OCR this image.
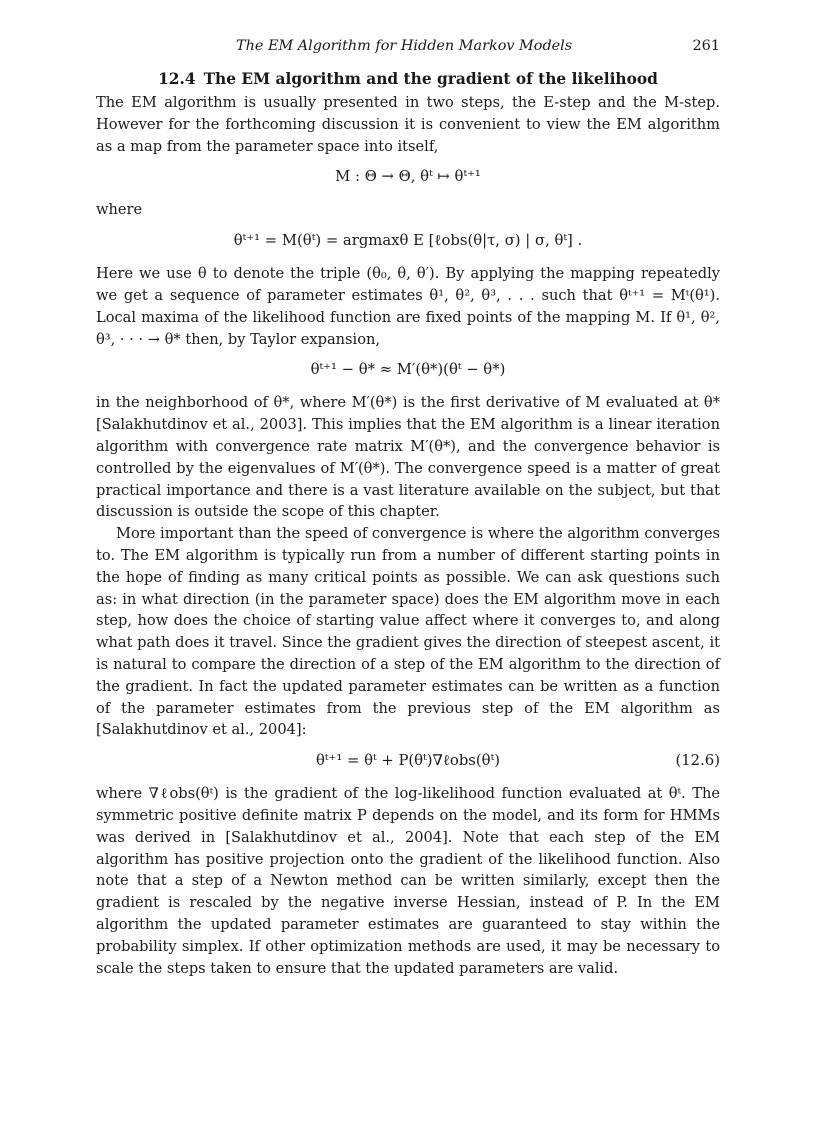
The EM Algorithm for Hidden Markov Models	261
12.4 The EM algorithm and the gradient of the likelihood

The EM algorithm is usually presented in two steps, the E-step and the M-step. However for the forthcoming discussion it is convenient to view the EM algorithm as a map from the parameter space into itself,

M : Θ → Θ, θᵗ ↦ θᵗ⁺¹

where

θᵗ⁺¹ = M(θᵗ) = argmaxθ E [ℓobs(θ|τ, σ) | σ, θᵗ] .

Here we use θ to denote the triple (θ₀, θ, θ′). By applying the mapping repeatedly we get a sequence of parameter estimates θ¹, θ², θ³, . . . such that θᵗ⁺¹ = Mᵗ(θ¹). Local maxima of the likelihood function are fixed points of the mapping M. If θ¹, θ², θ³, · · · → θ* then, by Taylor expansion,

θᵗ⁺¹ − θ* ≈ M′(θ*)(θᵗ − θ*)

in the neighborhood of θ*, where M′(θ*) is the first derivative of M evaluated at θ* [Salakhutdinov et al., 2003]. This implies that the EM algorithm is a linear iteration algorithm with convergence rate matrix M′(θ*), and the convergence behavior is controlled by the eigenvalues of M′(θ*). The convergence speed is a matter of great practical importance and there is a vast literature available on the subject, but that discussion is outside the scope of this chapter.

More important than the speed of convergence is where the algorithm converges to. The EM algorithm is typically run from a number of different starting points in the hope of finding as many critical points as possible. We can ask questions such as: in what direction (in the parameter space) does the EM algorithm move in each step, how does the choice of starting value affect where it converges to, and along what path does it travel. Since the gradient gives the direction of steepest ascent, it is natural to compare the direction of a step of the EM algorithm to the direction of the gradient. In fact the updated parameter estimates can be written as a function of the parameter estimates from the previous step of the EM algorithm as [Salakhutdinov et al., 2004]:

θᵗ⁺¹ = θᵗ + P(θᵗ)∇ℓobs(θᵗ)	(12.6)

where ∇ℓobs(θᵗ) is the gradient of the log-likelihood function evaluated at θᵗ. The symmetric positive definite matrix P depends on the model, and its form for HMMs was derived in [Salakhutdinov et al., 2004]. Note that each step of the EM algorithm has positive projection onto the gradient of the likelihood function. Also note that a step of a Newton method can be written similarly, except then the gradient is rescaled by the negative inverse Hessian, instead of P. In the EM algorithm the updated parameter estimates are guaranteed to stay within the probability simplex. If other optimization methods are used, it may be necessary to scale the steps taken to ensure that the updated parameters are valid.
